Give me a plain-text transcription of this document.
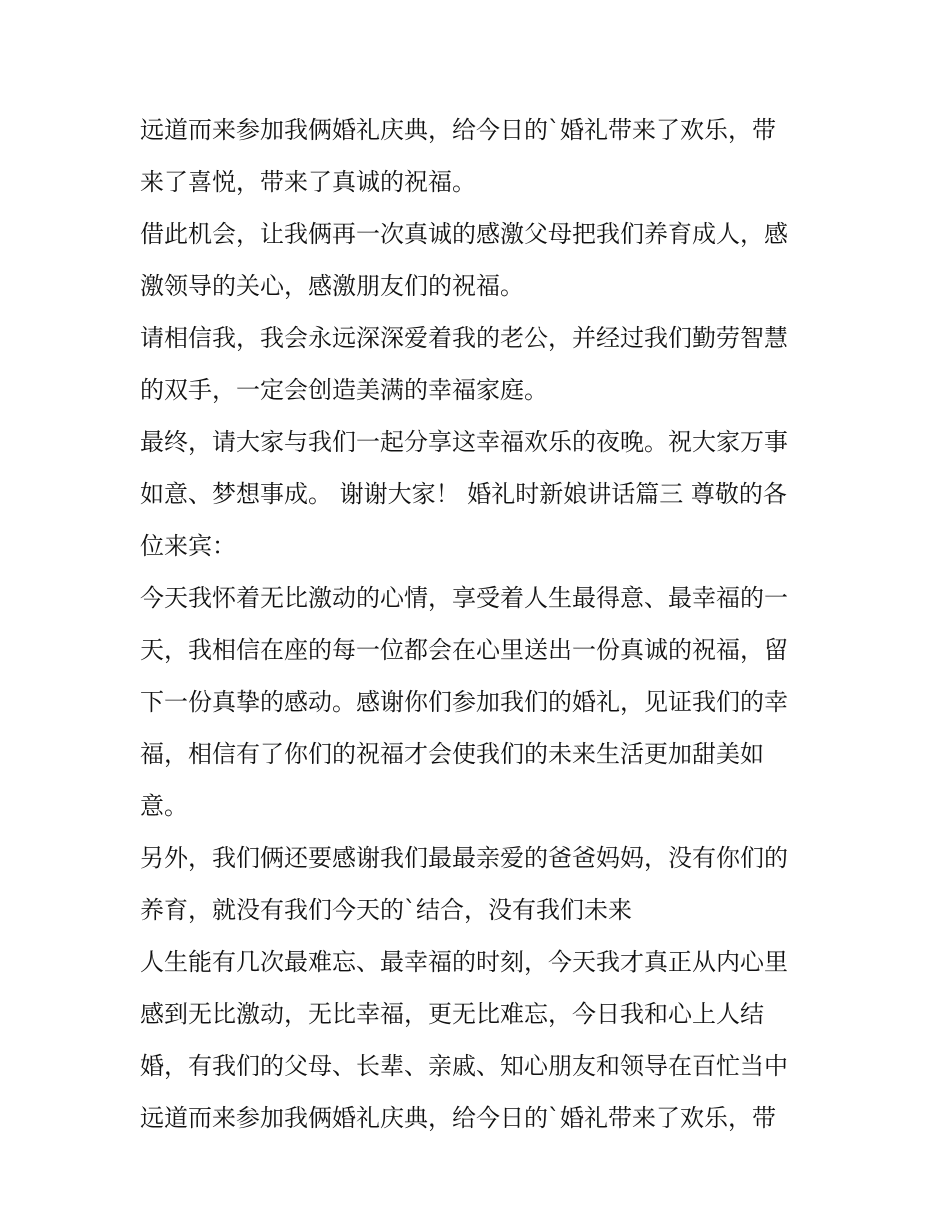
远道而来参加我俩婚礼庆典，给今日的`婚礼带来了欢乐，带
来了喜悦，带来了真诚的祝福。
借此机会，让我俩再一次真诚的感激父母把我们养育成人，感
激领导的关心，感激朋友们的祝福。
请相信我，我会永远深深爱着我的老公，并经过我们勤劳智慧
的双手，一定会创造美满的幸福家庭。
最终，请大家与我们一起分享这幸福欢乐的夜晚。祝大家万事
如意、梦想事成。 谢谢大家！ 婚礼时新娘讲话篇三 尊敬的各
位来宾：
今天我怀着无比激动的心情，享受着人生最得意、最幸福的一
天，我相信在座的每一位都会在心里送出一份真诚的祝福，留
下一份真挚的感动。感谢你们参加我们的婚礼，见证我们的幸
福，相信有了你们的祝福才会使我们的未来生活更加甜美如
意。
另外，我们俩还要感谢我们最最亲爱的爸爸妈妈，没有你们的
养育，就没有我们今天的`结合，没有我们未来
人生能有几次最难忘、最幸福的时刻，今天我才真正从内心里
感到无比激动，无比幸福，更无比难忘，今日我和心上人结
婚，有我们的父母、长辈、亲戚、知心朋友和领导在百忙当中
远道而来参加我俩婚礼庆典，给今日的`婚礼带来了欢乐，带
